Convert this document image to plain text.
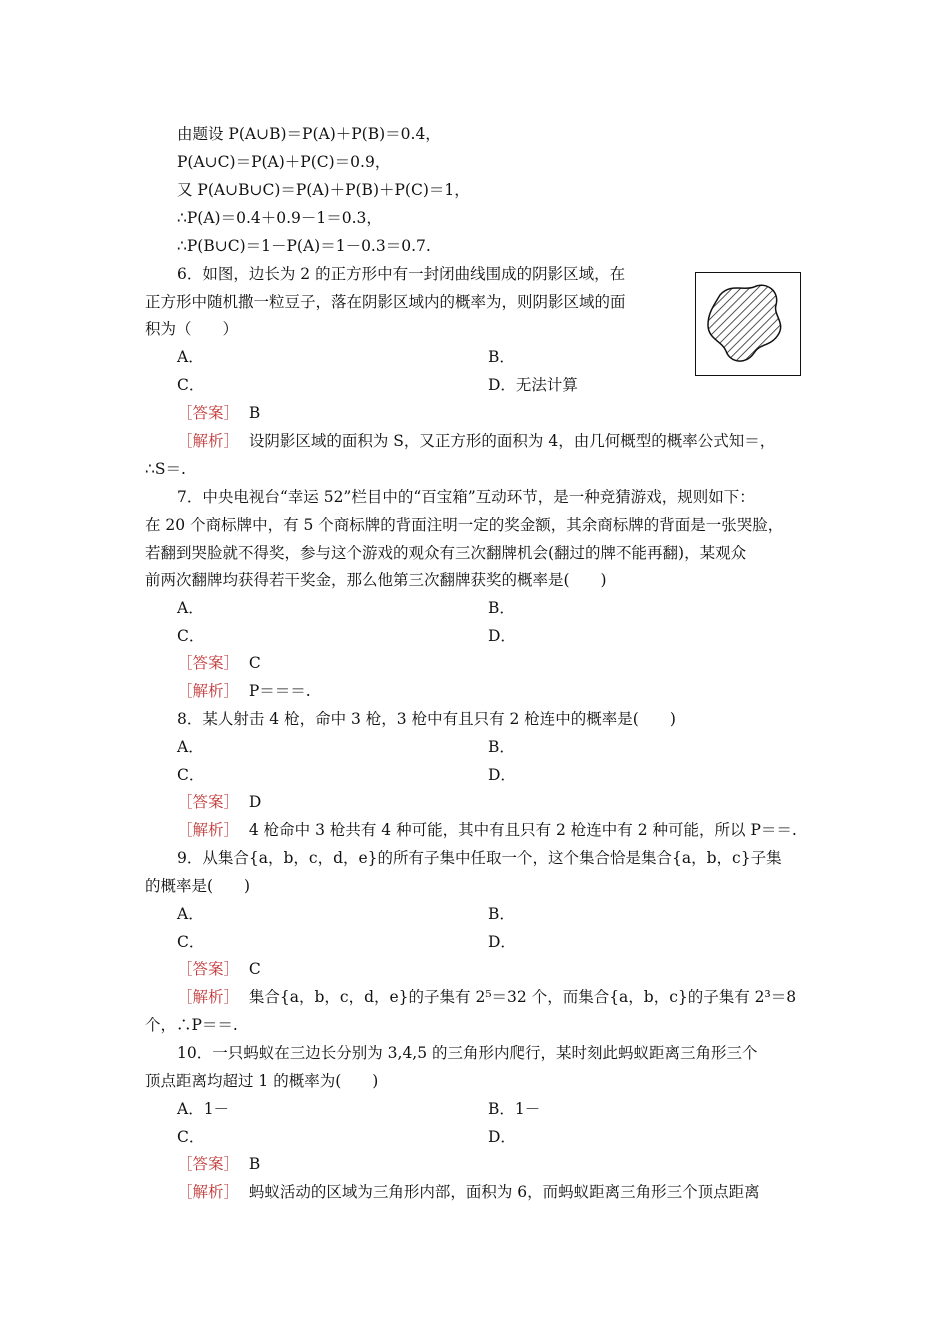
由题设 P(A∪B)＝P(A)＋P(B)＝0.4，
P(A∪C)＝P(A)＋P(C)＝0.9，
又 P(A∪B∪C)＝P(A)＋P(B)＋P(C)＝1，
∴P(A)＝0.4＋0.9－1＝0.3，
∴P(B∪C)＝1－P(A)＝1－0.3＝0.7.
6．如图，边长为 2 的正方形中有一封闭曲线围成的阴影区域，在
正方形中随机撒一粒豆子，落在阴影区域内的概率为，则阴影区域的面
积为（　　）
A．	B．
C．	D．无法计算
［答案］ B
［解析］ 设阴影区域的面积为 S，又正方形的面积为 4，由几何概型的概率公式知＝，
∴S＝.
7．中央电视台“幸运 52”栏目中的“百宝箱”互动环节，是一种竞猜游戏，规则如下：
在 20 个商标牌中，有 5 个商标牌的背面注明一定的奖金额，其余商标牌的背面是一张哭脸，
若翻到哭脸就不得奖，参与这个游戏的观众有三次翻牌机会(翻过的牌不能再翻)，某观众
前两次翻牌均获得若干奖金，那么他第三次翻牌获奖的概率是(　　)
A．	B．
C．	D．
［答案］ C
［解析］ P＝＝＝.
8．某人射击 4 枪，命中 3 枪，3 枪中有且只有 2 枪连中的概率是(　　)
A．	B．
C．	D．
［答案］ D
［解析］ 4 枪命中 3 枪共有 4 种可能，其中有且只有 2 枪连中有 2 种可能，所以 P＝＝.
9．从集合{a，b，c，d，e}的所有子集中任取一个，这个集合恰是集合{a，b，c}子集
的概率是(　　)
A．	B．
C．	D．
［答案］ C
［解析］ 集合{a，b，c，d，e}的子集有 2⁵＝32 个，而集合{a，b，c}的子集有 2³＝8
个，∴P＝＝.
10．一只蚂蚁在三边长分别为 3,4,5 的三角形内爬行，某时刻此蚂蚁距离三角形三个
顶点距离均超过 1 的概率为(　　)
A．1－	B．1－
C．	D．
［答案］ B
［解析］ 蚂蚁活动的区域为三角形内部，面积为 6，而蚂蚁距离三角形三个顶点距离
